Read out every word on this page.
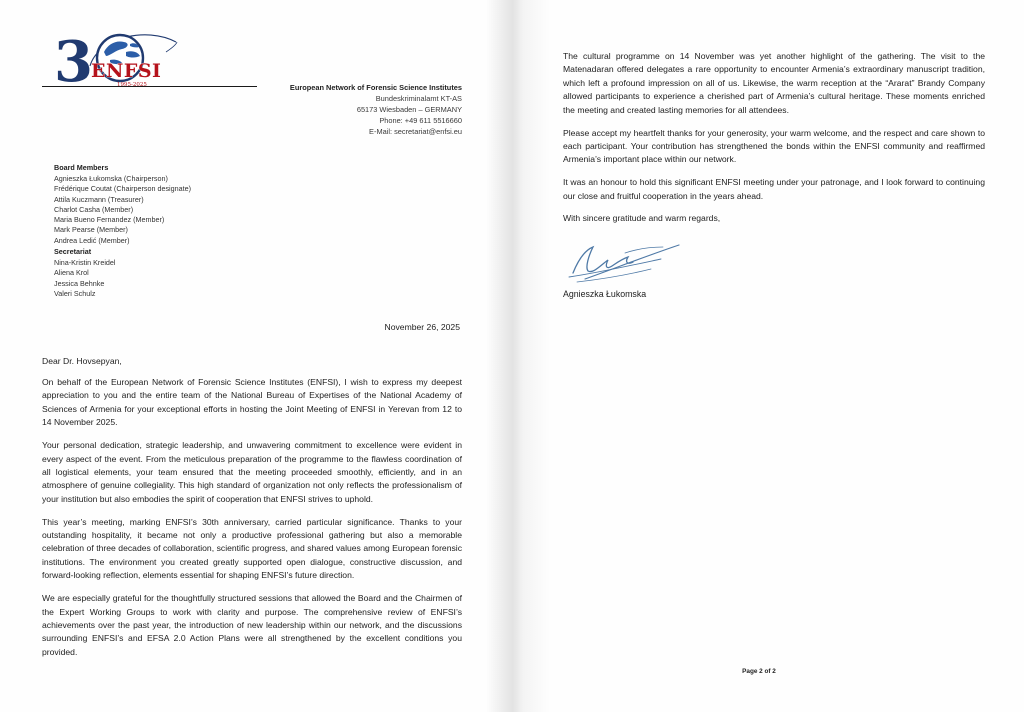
3
ENFSI
1995-2025	European Network of Forensic Science Institutes
Bundeskriminalamt KT-AS
65173 Wiesbaden – GERMANY
Phone: +49 611 5516660
E-Mail: secretariat@enfsi.eu
Board Members
Agnieszka Łukomska (Chairperson)
Frédérique Coutat (Chairperson designate)
Attila Kuczmann (Treasurer)
Charlot Casha (Member)
Maria Bueno Fernandez (Member)
Mark Pearse (Member)
Andrea Ledić (Member)
Secretariat
Nina-Kristin Kreidel
Aliena Krol
Jessica Behnke
Valeri Schulz
November 26, 2025

Dear Dr. Hovsepyan,

On behalf of the European Network of Forensic Science Institutes (ENFSI), I wish to express my deepest appreciation to you and the entire team of the National Bureau of Expertises of the National Academy of Sciences of Armenia for your exceptional efforts in hosting the Joint Meeting of ENFSI in Yerevan from 12 to 14 November 2025.

Your personal dedication, strategic leadership, and unwavering commitment to excellence were evident in every aspect of the event. From the meticulous preparation of the programme to the flawless coordination of all logistical elements, your team ensured that the meeting proceeded smoothly, efficiently, and in an atmosphere of genuine collegiality. This high standard of organization not only reflects the professionalism of your institution but also embodies the spirit of cooperation that ENFSI strives to uphold.

This year’s meeting, marking ENFSI’s 30th anniversary, carried particular significance. Thanks to your outstanding hospitality, it became not only a productive professional gathering but also a memorable celebration of three decades of collaboration, scientific progress, and shared values among European forensic institutions. The environment you created greatly supported open dialogue, constructive discussion, and forward-looking reflection, elements essential for shaping ENFSI’s future direction.

We are especially grateful for the thoughtfully structured sessions that allowed the Board and the Chairmen of the Expert Working Groups to work with clarity and purpose. The comprehensive review of ENFSI’s achievements over the past year, the introduction of new leadership within our network, and the discussions surrounding ENFSI’s and EFSA 2.0 Action Plans were all strengthened by the excellent conditions you provided.

The cultural programme on 14 November was yet another highlight of the gathering. The visit to the Matenadaran offered delegates a rare opportunity to encounter Armenia’s extraordinary manuscript tradition, which left a profound impression on all of us. Likewise, the warm reception at the “Ararat” Brandy Company allowed participants to experience a cherished part of Armenia’s cultural heritage. These moments enriched the meeting and created lasting memories for all attendees.

Please accept my heartfelt thanks for your generosity, your warm welcome, and the respect and care shown to each participant. Your contribution has strengthened the bonds within the ENFSI community and reaffirmed Armenia’s important place within our network.

It was an honour to hold this significant ENFSI meeting under your patronage, and I look forward to continuing our close and fruitful cooperation in the years ahead.

With sincere gratitude and warm regards,

Agnieszka Łukomska
Page 2 of 2
